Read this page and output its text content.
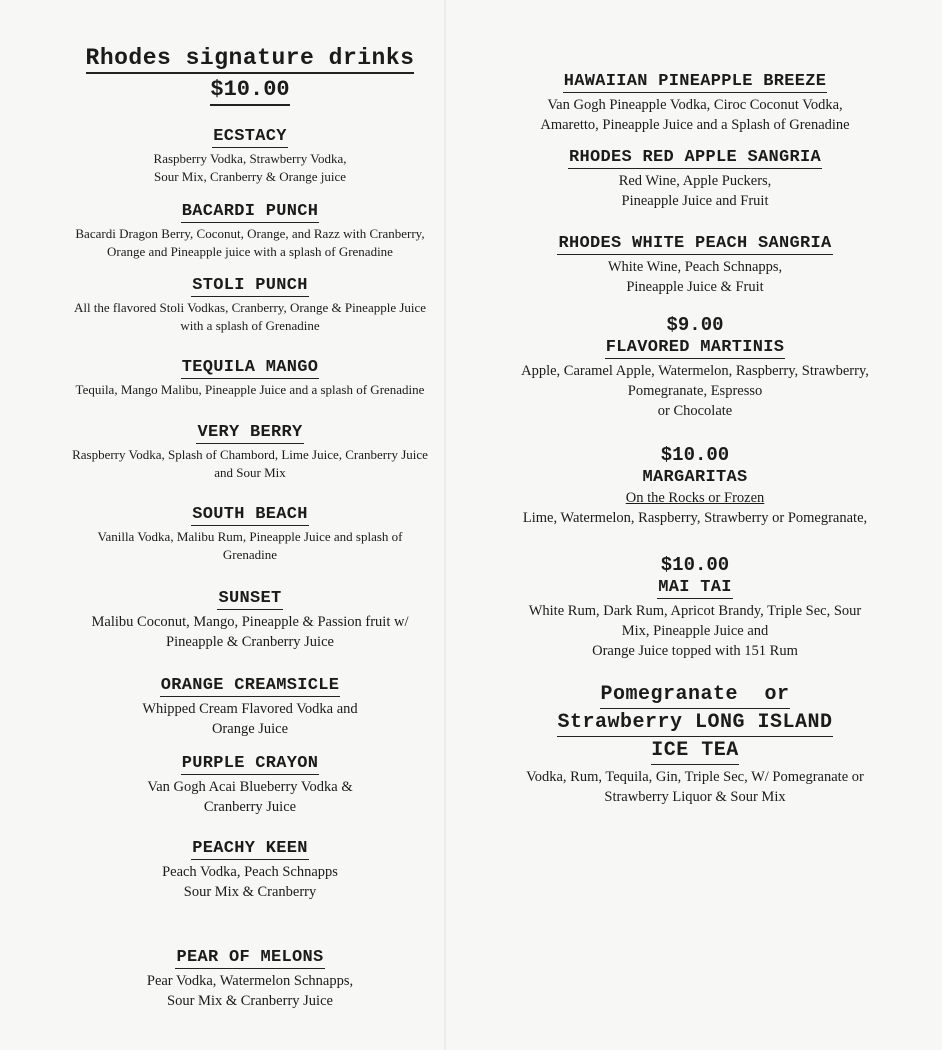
Rhodes signature drinks
$10.00
ECSTACY
Raspberry Vodka, Strawberry Vodka,
Sour Mix, Cranberry & Orange juice
BACARDI PUNCH
Bacardi Dragon Berry, Coconut, Orange, and Razz with Cranberry,
Orange and Pineapple juice with a splash of Grenadine
STOLI PUNCH
All the flavored Stoli Vodkas, Cranberry, Orange & Pineapple Juice
with a splash of Grenadine
TEQUILA MANGO
Tequila, Mango Malibu, Pineapple Juice and a splash of Grenadine
VERY BERRY
Raspberry Vodka, Splash of Chambord, Lime Juice, Cranberry Juice
and Sour Mix
SOUTH BEACH
Vanilla Vodka, Malibu Rum, Pineapple Juice and splash of
Grenadine
SUNSET
Malibu Coconut, Mango, Pineapple & Passion fruit w/
Pineapple & Cranberry Juice
ORANGE CREAMSICLE
Whipped Cream Flavored Vodka and
Orange Juice
PURPLE CRAYON
Van Gogh Acai Blueberry Vodka &
Cranberry Juice
PEACHY KEEN
Peach Vodka, Peach Schnapps
Sour Mix & Cranberry
PEAR OF MELONS
Pear Vodka, Watermelon Schnapps,
Sour Mix & Cranberry Juice
HAWAIIAN PINEAPPLE BREEZE
Van Gogh Pineapple Vodka, Ciroc Coconut Vodka,
Amaretto, Pineapple Juice and a Splash of Grenadine
RHODES RED APPLE SANGRIA
Red Wine, Apple Puckers,
Pineapple Juice and Fruit
RHODES WHITE PEACH SANGRIA
White Wine, Peach Schnapps,
Pineapple Juice & Fruit
$9.00
FLAVORED MARTINIS
Apple, Caramel Apple, Watermelon, Raspberry, Strawberry,
Pomegranate, Espresso
or Chocolate
$10.00
MARGARITAS
On the Rocks or Frozen
Lime, Watermelon, Raspberry, Strawberry or Pomegranate,
$10.00
MAI TAI
White Rum, Dark Rum, Apricot Brandy, Triple Sec, Sour
Mix, Pineapple Juice and
Orange Juice topped with 151 Rum
Pomegranate or
Strawberry LONG ISLAND
ICE TEA
Vodka, Rum, Tequila, Gin, Triple Sec, W/ Pomegranate or
Strawberry Liquor & Sour Mix
